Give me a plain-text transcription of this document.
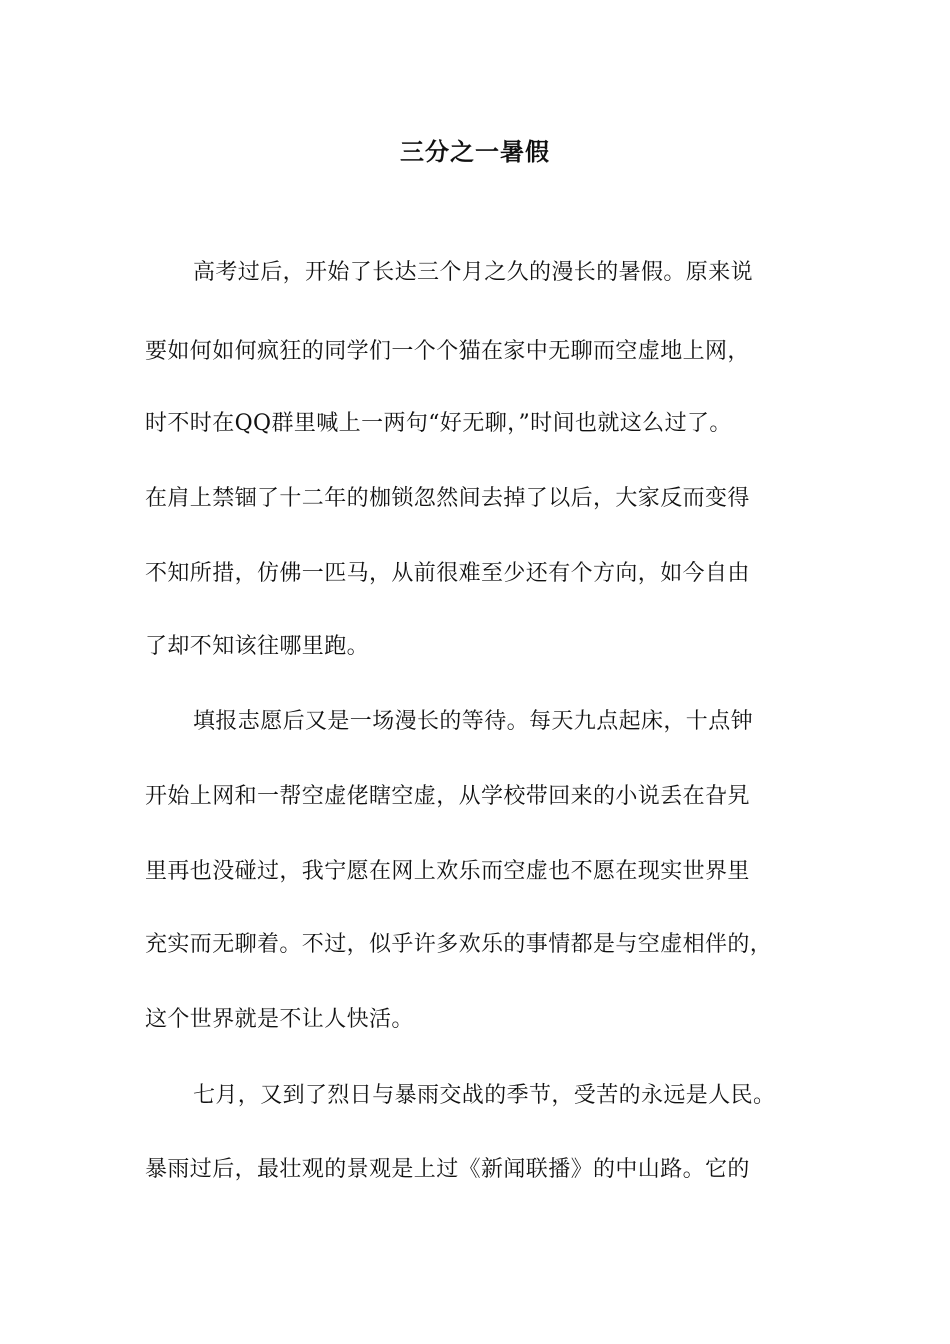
三分之一暑假
高考过后，开始了长达三个月之久的漫长的暑假。原来说
要如何如何疯狂的同学们一个个猫在家中无聊而空虚地上网，
时不时在QQ群里喊上一两句“好无聊，”时间也就这么过了。
在肩上禁锢了十二年的枷锁忽然间去掉了以后，大家反而变得
不知所措，仿佛一匹马，从前很难至少还有个方向，如今自由
了却不知该往哪里跑。
填报志愿后又是一场漫长的等待。每天九点起床，十点钟
开始上网和一帮空虚佬瞎空虚，从学校带回来的小说丢在旮旯
里再也没碰过，我宁愿在网上欢乐而空虚也不愿在现实世界里
充实而无聊着。不过，似乎许多欢乐的事情都是与空虚相伴的，
这个世界就是不让人快活。
七月，又到了烈日与暴雨交战的季节，受苦的永远是人民。
暴雨过后，最壮观的景观是上过《新闻联播》的中山路。它的
